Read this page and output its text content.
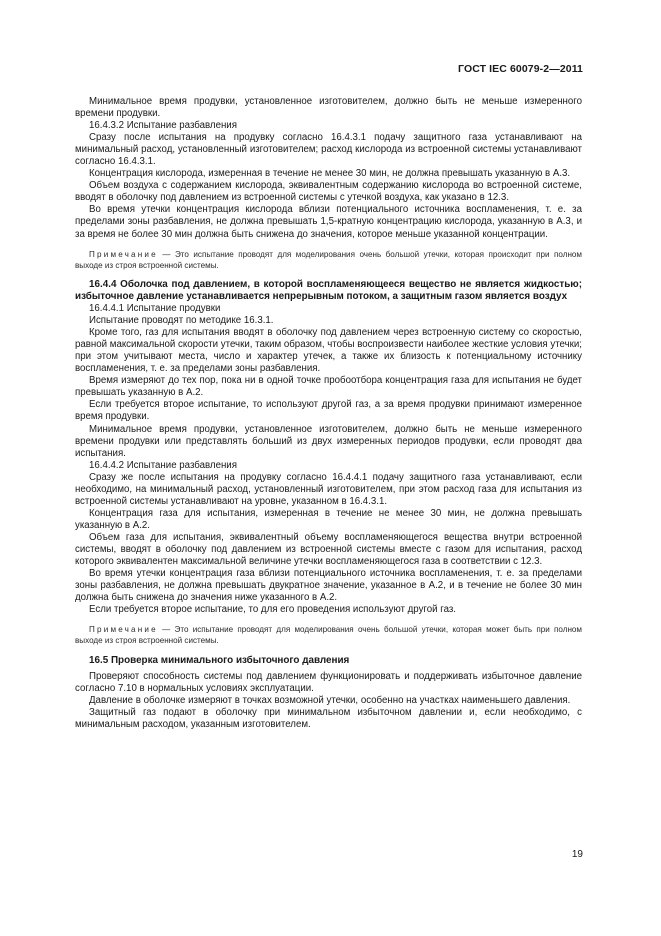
ГОСТ IEC 60079-2—2011

Минимальное время продувки, установленное изготовителем, должно быть не меньше измеренного времени продувки.

16.4.3.2 Испытание разбавления

Сразу после испытания на продувку согласно 16.4.3.1 подачу защитного газа устанавливают на минимальный расход, установленный изготовителем; расход кислорода из встроенной системы устанавливают согласно 16.4.3.1.

Концентрация кислорода, измеренная в течение не менее 30 мин, не должна превышать указанную в А.3.

Объем воздуха с содержанием кислорода, эквивалентным содержанию кислорода во встроенной системе, вводят в оболочку под давлением из встроенной системы с утечкой воздуха, как указано в 12.3.

Во время утечки концентрация кислорода вблизи потенциального источника воспламенения, т. е. за пределами зоны разбавления, не должна превышать 1,5-кратную концентрацию кислорода, указанную в А.3, и за время не более 30 мин должна быть снижена до значения, которое меньше указанной концентрации.

Примечание — Это испытание проводят для моделирования очень большой утечки, которая происходит при полном выходе из строя встроенной системы.

16.4.4 Оболочка под давлением, в которой воспламеняющееся вещество не является жидкостью; избыточное давление устанавливается непрерывным потоком, а защитным газом является воздух

16.4.4.1 Испытание продувки

Испытание проводят по методике 16.3.1.

Кроме того, газ для испытания вводят в оболочку под давлением через встроенную систему со скоростью, равной максимальной скорости утечки, таким образом, чтобы воспроизвести наиболее жесткие условия утечки; при этом учитывают места, число и характер утечек, а также их близость к потенциальному источнику воспламенения, т. е. за пределами зоны разбавления.

Время измеряют до тех пор, пока ни в одной точке пробоотбора концентрация газа для испытания не будет превышать указанную в А.2.

Если требуется второе испытание, то используют другой газ, а за время продувки принимают измеренное время продувки.

Минимальное время продувки, установленное изготовителем, должно быть не меньше измеренного времени продувки или представлять больший из двух измеренных периодов продувки, если проводят два испытания.

16.4.4.2 Испытание разбавления

Сразу же после испытания на продувку согласно 16.4.4.1 подачу защитного газа устанавливают, если необходимо, на минимальный расход, установленный изготовителем, при этом расход газа для испытания из встроенной системы устанавливают на уровне, указанном в 16.4.3.1.

Концентрация газа для испытания, измеренная в течение не менее 30 мин, не должна превышать указанную в А.2.

Объем газа для испытания, эквивалентный объему воспламеняющегося вещества внутри встроенной системы, вводят в оболочку под давлением из встроенной системы вместе с газом для испытания, расход которого эквивалентен максимальной величине утечки воспламеняющегося газа в соответствии с 12.3.

Во время утечки концентрация газа вблизи потенциального источника воспламенения, т. е. за пределами зоны разбавления, не должна превышать двукратное значение, указанное в А.2, и в течение не более 30 мин должна быть снижена до значения ниже указанного в А.2.

Если требуется второе испытание, то для его проведения используют другой газ.

Примечание — Это испытание проводят для моделирования очень большой утечки, которая может быть при полном выходе из строя встроенной системы.

16.5 Проверка минимального избыточного давления

Проверяют способность системы под давлением функционировать и поддерживать избыточное давление согласно 7.10 в нормальных условиях эксплуатации.

Давление в оболочке измеряют в точках возможной утечки, особенно на участках наименьшего давления.

Защитный газ подают в оболочку при минимальном избыточном давлении и, если необходимо, с минимальным расходом, указанным изготовителем.

19
